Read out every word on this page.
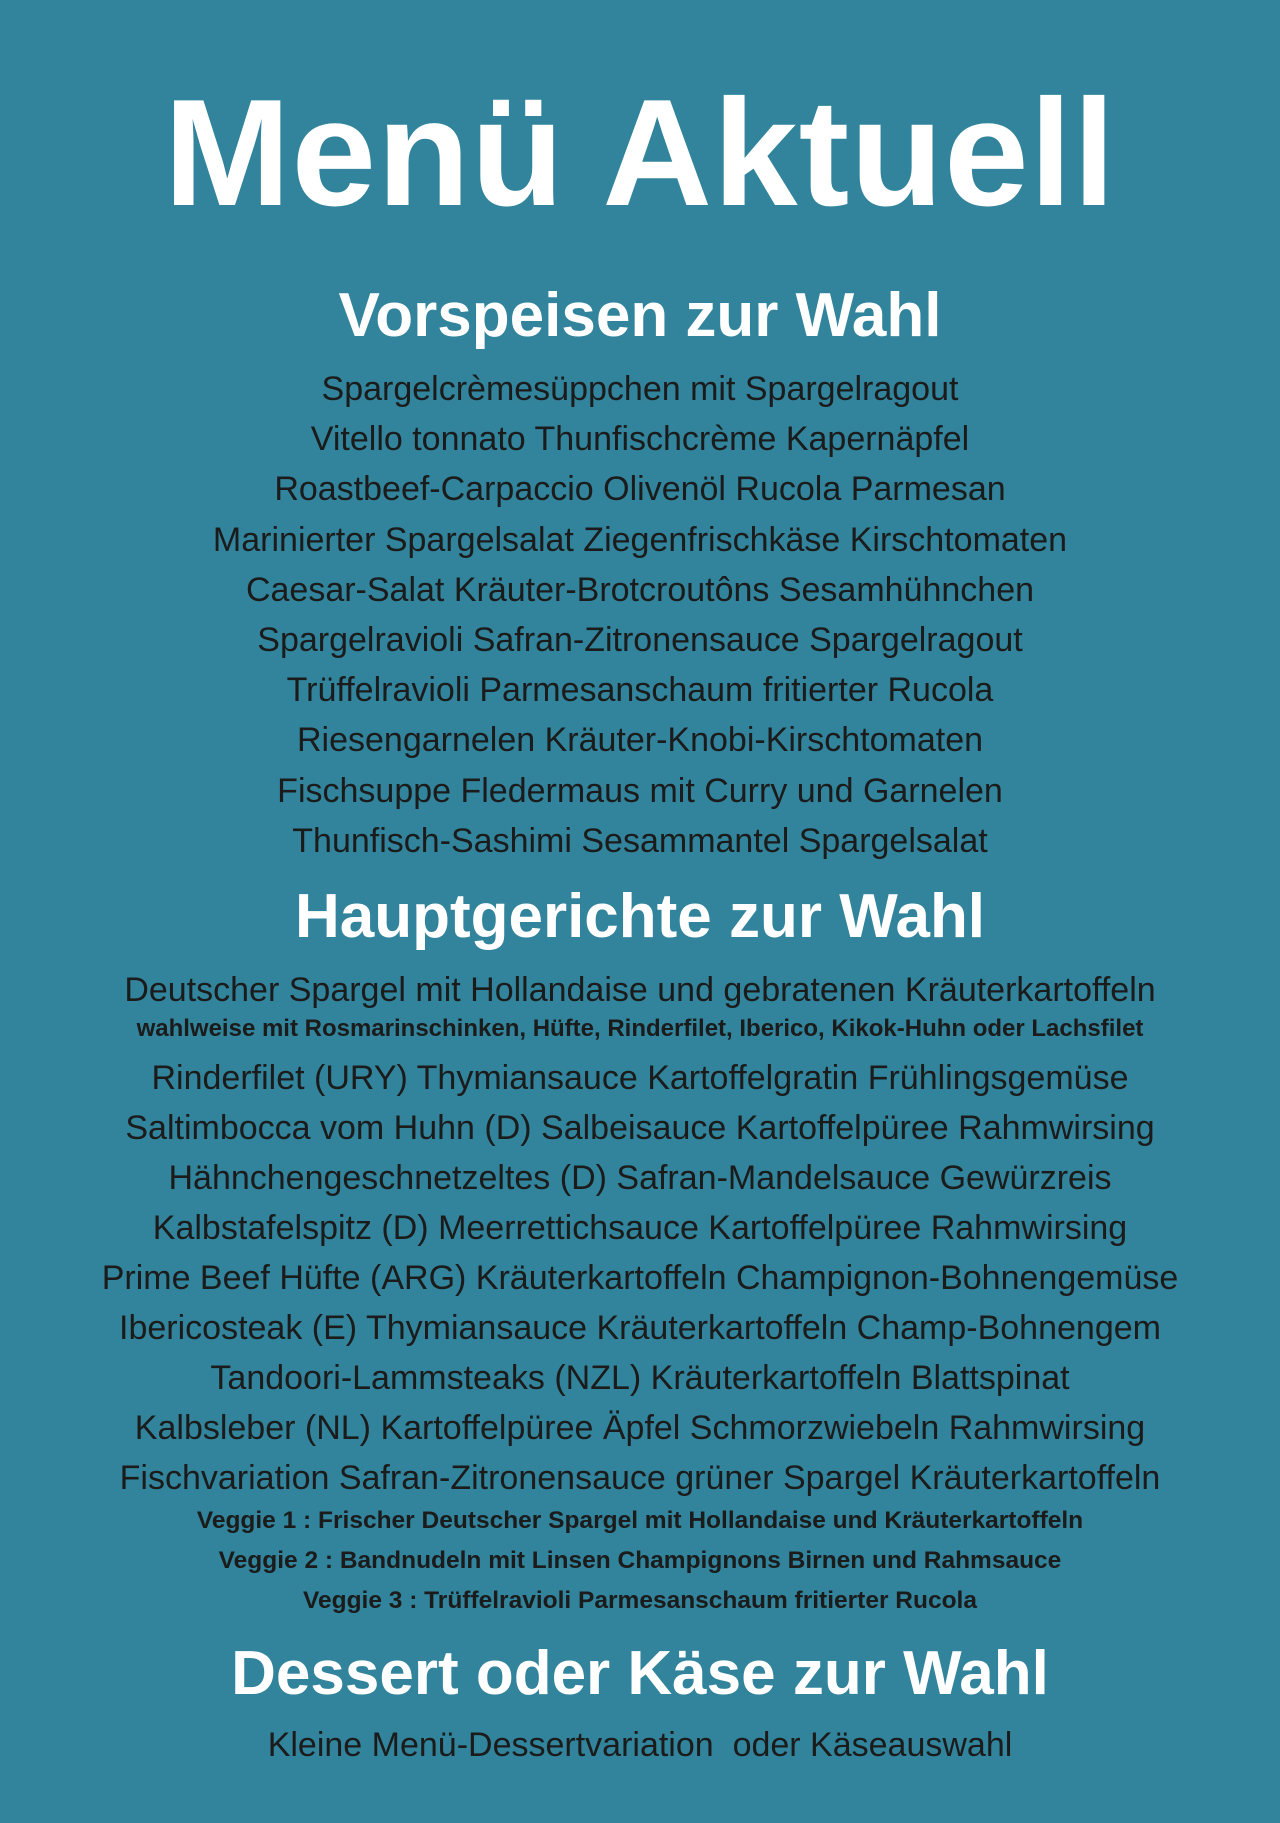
Menü Aktuell
Vorspeisen zur Wahl
Spargelcrèmesüppchen mit Spargelragout
Vitello tonnato Thunfischcrème Kapernäpfel
Roastbeef-Carpaccio Olivenöl Rucola Parmesan
Marinierter Spargelsalat Ziegenfrischkäse Kirschtomaten
Caesar-Salat Kräuter-Brotcroutôns Sesamhühnchen
Spargelravioli Safran-Zitronensauce Spargelragout
Trüffelravioli Parmesanschaum fritierter Rucola
Riesengarnelen Kräuter-Knobi-Kirschtomaten
Fischsuppe Fledermaus mit Curry und Garnelen
Thunfisch-Sashimi Sesammantel Spargelsalat
Hauptgerichte zur Wahl
Deutscher Spargel mit Hollandaise und gebratenen Kräuterkartoffeln
wahlweise mit Rosmarinschinken, Hüfte, Rinderfilet, Iberico, Kikok-Huhn oder Lachsfilet
Rinderfilet (URY) Thymiansauce Kartoffelgratin Frühlingsgemüse
Saltimbocca vom Huhn (D) Salbeisauce Kartoffelpüree Rahmwirsing
Hähnchengeschnetzeltes (D) Safran-Mandelsauce Gewürzreis
Kalbstafelspitz (D) Meerrettichsauce Kartoffelpüree Rahmwirsing
Prime Beef Hüfte (ARG) Kräuterkartoffeln Champignon-Bohnengemüse
Ibericosteak (E) Thymiansauce Kräuterkartoffeln Champ-Bohnengem
Tandoori-Lammsteaks (NZL) Kräuterkartoffeln Blattspinat
Kalbsleber (NL) Kartoffelpüree Äpfel Schmorzwiebeln Rahmwirsing
Fischvariation Safran-Zitronensauce grüner Spargel Kräuterkartoffeln
Veggie 1 : Frischer Deutscher Spargel mit Hollandaise und Kräuterkartoffeln
Veggie 2 : Bandnudeln mit Linsen Champignons Birnen und Rahmsauce
Veggie 3 : Trüffelravioli Parmesanschaum fritierter Rucola
Dessert oder Käse zur Wahl
Kleine Menü-Dessertvariation  oder Käseauswahl
